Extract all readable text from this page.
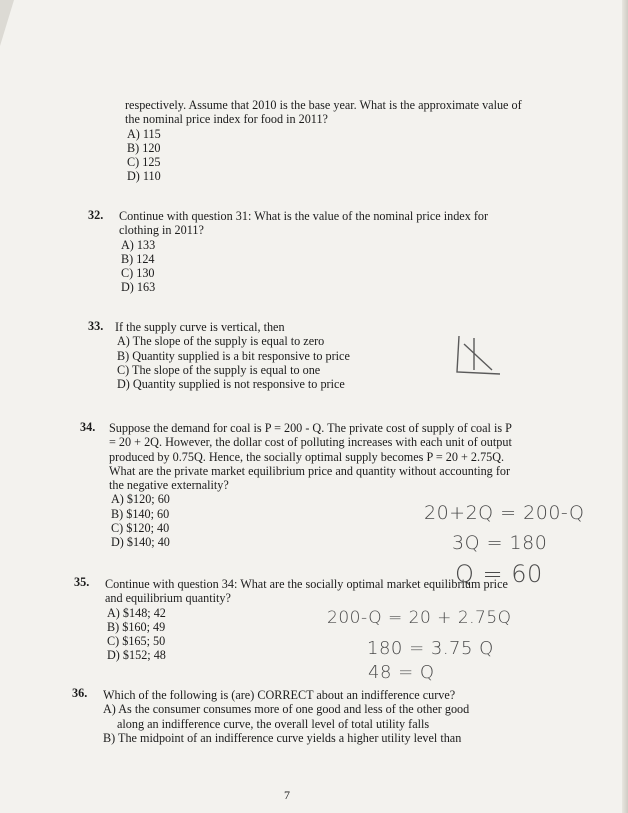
respectively. Assume that 2010 is the base year. What is the approximate value of
the nominal price index for food in 2011?
A) 115
B) 120
C) 125
D) 110
32. Continue with question 31: What is the value of the nominal price index for
clothing in 2011?
A) 133
B) 124
C) 130
D) 163
33. If the supply curve is vertical, then
A) The slope of the supply is equal to zero
B) Quantity supplied is a bit responsive to price
C) The slope of the supply is equal to one
D) Quantity supplied is not responsive to price
34. Suppose the demand for coal is P = 200 - Q. The private cost of supply of coal is P
= 20 + 2Q. However, the dollar cost of polluting increases with each unit of output
produced by 0.75Q. Hence, the socially optimal supply becomes P = 20 + 2.75Q.
What are the private market equilibrium price and quantity without accounting for
the negative externality?
A) $120; 60
B) $140; 60
C) $120; 40
D) $140; 40
20+2Q = 200-Q
3Q = 180
Q = 60
35. Continue with question 34: What are the socially optimal market equilibrium price
and equilibrium quantity?
A) $148; 42
B) $160; 49
C) $165; 50
D) $152; 48
200-Q = 20 + 2.75Q
180 = 3.75 Q
48 = Q
36. Which of the following is (are) CORRECT about an indifference curve?
A) As the consumer consumes more of one good and less of the other good
along an indifference curve, the overall level of total utility falls
B) The midpoint of an indifference curve yields a higher utility level than
7
